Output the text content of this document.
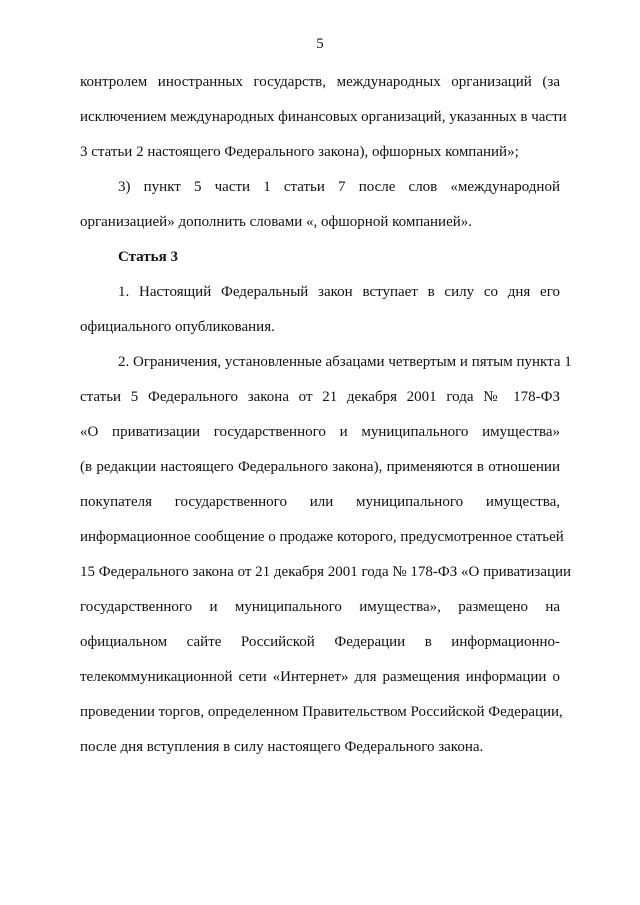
5
контролем иностранных государств, международных организаций (за
исключением международных финансовых организаций, указанных в части
3 статьи 2 настоящего Федерального закона), офшорных компаний»;
3) пункт 5 части 1 статьи 7 после слов «международной
организацией» дополнить словами «, офшорной компанией».
Статья 3
1. Настоящий Федеральный закон вступает в силу со дня его
официального опубликования.
2. Ограничения, установленные абзацами четвертым и пятым пункта 1
статьи 5 Федерального закона от 21 декабря 2001 года № 178-ФЗ
«О приватизации государственного и муниципального имущества»
(в редакции настоящего Федерального закона), применяются в отношении
покупателя государственного или муниципального имущества,
информационное сообщение о продаже которого, предусмотренное статьей
15 Федерального закона от 21 декабря 2001 года № 178-ФЗ «О приватизации
государственного и муниципального имущества», размещено на
официальном сайте Российской Федерации в информационно-
телекоммуникационной сети «Интернет» для размещения информации о
проведении торгов, определенном Правительством Российской Федерации,
после дня вступления в силу настоящего Федерального закона.
